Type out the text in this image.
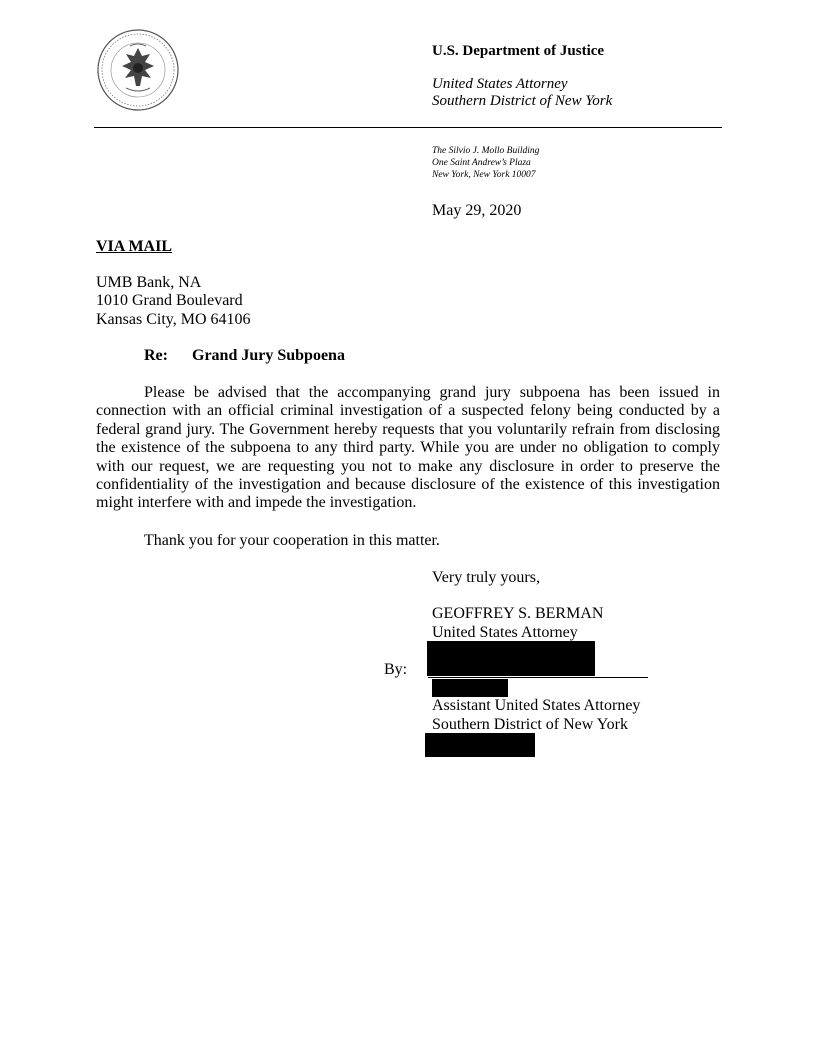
U.S. Department of Justice
United States Attorney
Southern District of New York
The Silvio J. Mollo Building
One Saint Andrew’s Plaza
New York, New York 10007
May 29, 2020
VIA MAIL
UMB Bank, NA
1010 Grand Boulevard
Kansas City, MO 64106
Re: Grand Jury Subpoena

Please be advised that the accompanying grand jury subpoena has been issued in connection with an official criminal investigation of a suspected felony being conducted by a federal grand jury. The Government hereby requests that you voluntarily refrain from disclosing the existence of the subpoena to any third party. While you are under no obligation to comply with our request, we are requesting you not to make any disclosure in order to preserve the confidentiality of the investigation and because disclosure of the existence of this investigation might interfere with and impede the investigation.

Thank you for your cooperation in this matter.
Very truly yours,
GEOFFREY S. BERMAN
United States Attorney
By:
Assistant United States Attorney
Southern District of New York
